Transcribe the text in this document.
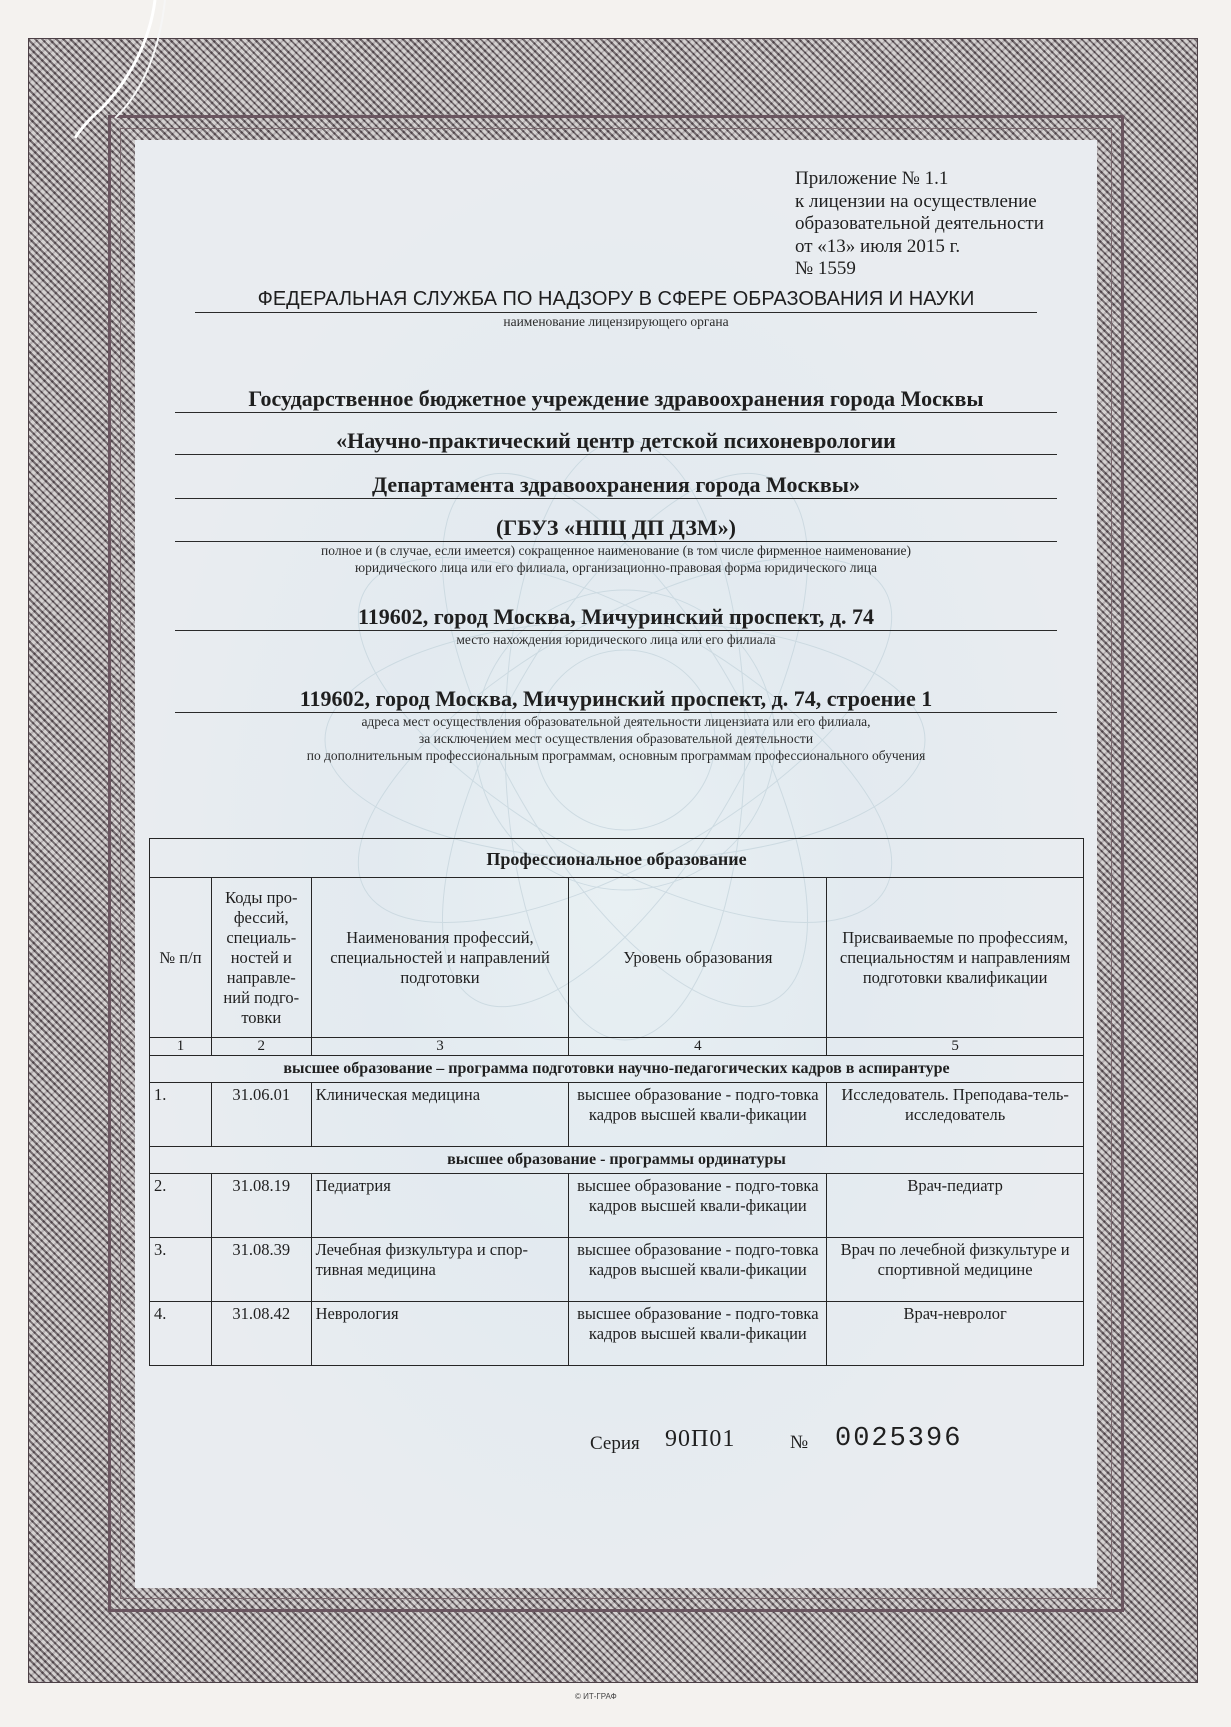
Приложение № 1.1
к лицензии на осуществление
образовательной деятельности
от «13» июля 2015 г.
№ 1559
ФЕДЕРАЛЬНАЯ СЛУЖБА ПО НАДЗОРУ В СФЕРЕ ОБРАЗОВАНИЯ И НАУКИ
наименование лицензирующего органа
Государственное бюджетное учреждение здравоохранения города Москвы
«Научно-практический центр детской психоневрологии
Департамента здравоохранения города Москвы»
(ГБУЗ «НПЦ ДП ДЗМ»)
полное и (в случае, если имеется) сокращенное наименование (в том числе фирменное наименование)
юридического лица или его филиала, организационно-правовая форма юридического лица
119602, город Москва, Мичуринский проспект, д. 74
место нахождения юридического лица или его филиала
119602, город Москва, Мичуринский проспект, д. 74, строение 1
адреса мест осуществления образовательной деятельности лицензиата или его филиала,
за исключением мест осуществления образовательной деятельности
по дополнительным профессиональным программам, основным программам профессионального обучения
Профессиональное образование				
№ п/п	Коды про-фессий, специаль-ностей и направле-ний подго-товки	Наименования профессий, специальностей и направлений подготовки	Уровень образования	Присваиваемые по профессиям, специальностям и направлениям подготовки квалификации
1	2	3	4	5
высшее образование – программа подготовки научно-педагогических кадров в аспирантуре				
1.	31.06.01	Клиническая медицина	высшее образование - подго-товка кадров высшей квали-фикации	Исследователь. Преподава-тель-исследователь
высшее образование - программы ординатуры				
2.	31.08.19	Педиатрия	высшее образование - подго-товка кадров высшей квали-фикации	Врач-педиатр
3.	31.08.39	Лечебная физкультура и спор-тивная медицина	высшее образование - подго-товка кадров высшей квали-фикации	Врач по лечебной физкультуре и спортивной медицине
4.	31.08.42	Неврология	высшее образование - подго-товка кадров высшей квали-фикации	Врач-невролог
Серия 90П01	№ 0025396
© ИТ-ГРАФ
